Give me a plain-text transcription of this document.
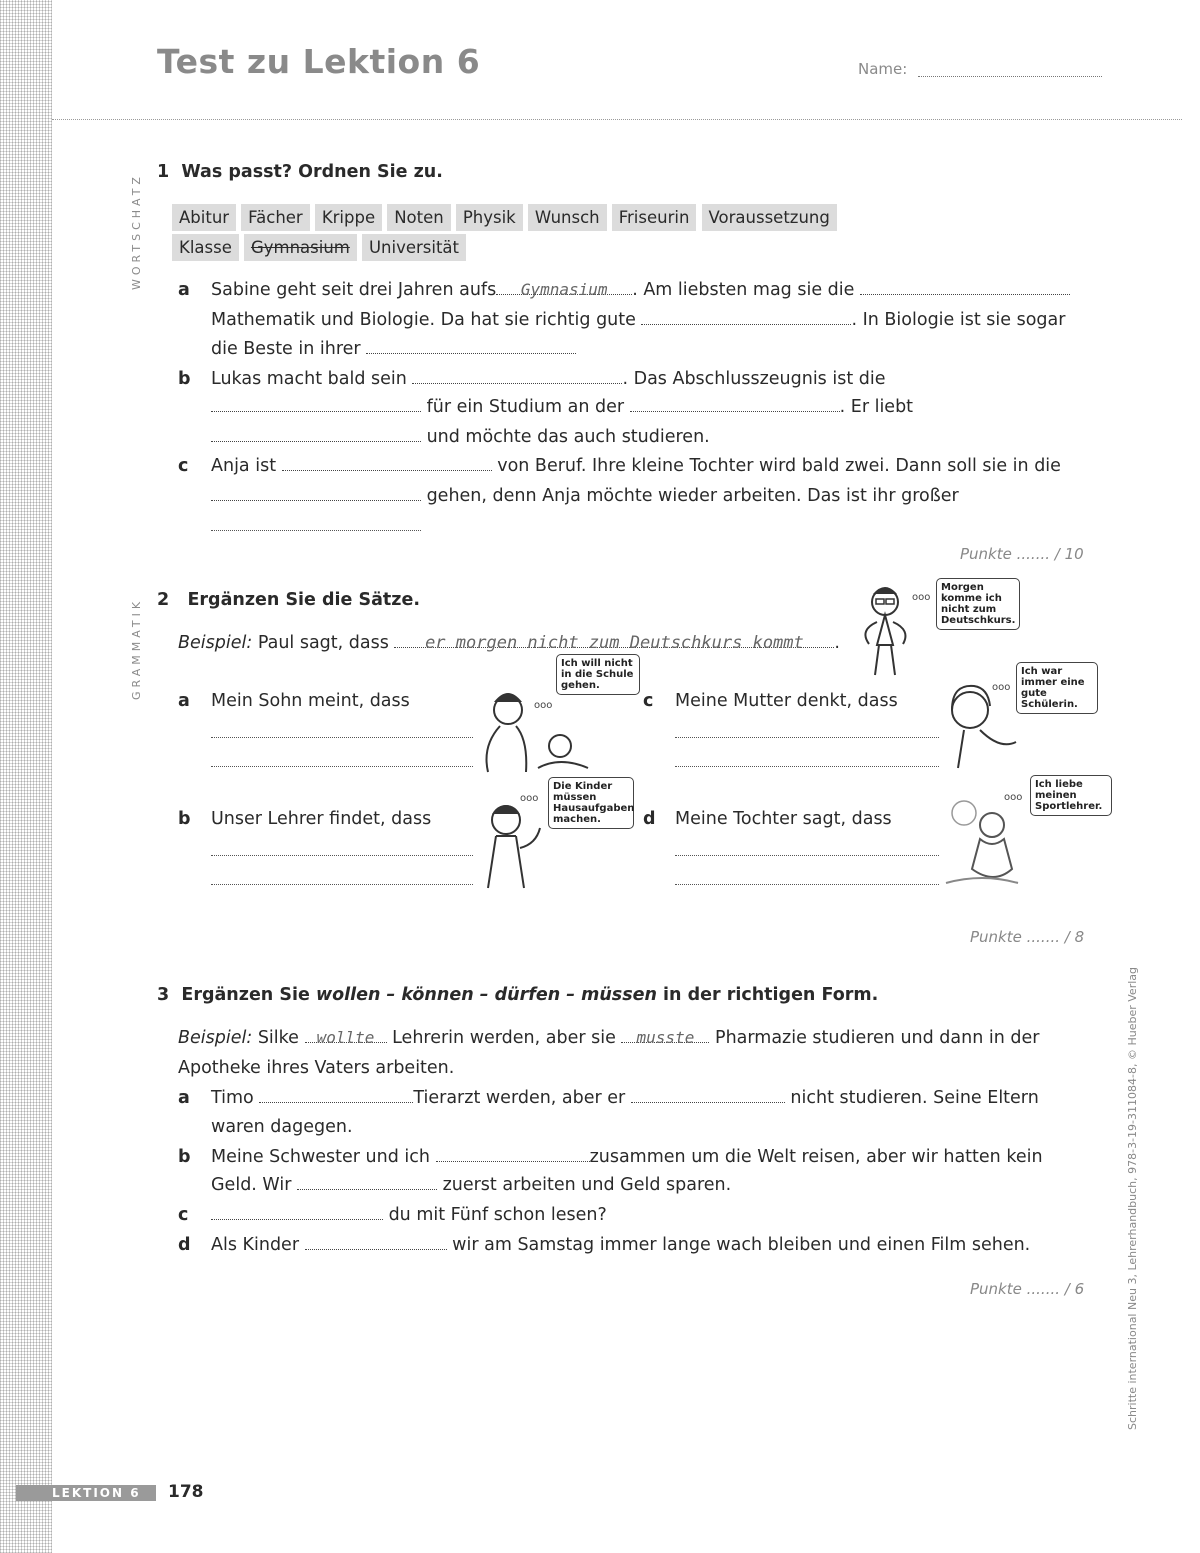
Test zu Lektion 6	Name:
WORTSCHATZ
GRAMMATIK
1 Was passt? Ordnen Sie zu.
Abitur Fächer Krippe Noten Physik Wunsch Friseurin Voraussetzung
Klasse Gymnasium Universität
a Sabine geht seit drei Jahren aufs Gymnasium . Am liebsten mag sie die
Mathematik und Biologie. Da hat sie richtig gute	. In Biologie ist sie sogar
die Beste in ihrer
b Lukas macht bald sein	. Das Abschlusszeugnis ist die
für ein Studium an der	. Er liebt
und möchte das auch studieren.
c Anja ist	von Beruf. Ihre kleine Tochter wird bald zwei. Dann soll sie in die
gehen, denn Anja möchte wieder arbeiten. Das ist ihr großer
Punkte ....... / 10
2 Ergänzen Sie die Sätze.
Beispiel: Paul sagt, dass er morgen nicht zum Deutschkurs kommt .
ooo
Morgen komme ich nicht zum Deutschkurs.
a Mein Sohn meint, dass	ooo
Ich will nicht in die Schule gehen.
b Unser Lehrer findet, dass
ooo
Die Kinder müssen Hausaufgaben machen.
c Meine Mutter denkt, dass
ooo
Ich war immer eine gute Schülerin.
d Meine Tochter sagt, dass
ooo
Ich liebe meinen Sportlehrer.
Punkte ....... / 8
3 Ergänzen Sie wollen – können – dürfen – müssen in der richtigen Form.
Beispiel: Silke wollte Lehrerin werden, aber sie musste Pharmazie studieren und dann in der
Apotheke ihres Vaters arbeiten.
a Timo	Tierarzt werden, aber er	nicht studieren. Seine Eltern
waren dagegen.
b Meine Schwester und ich	zusammen um die Welt reisen, aber wir hatten kein
Geld. Wir	zuerst arbeiten und Geld sparen.
c	du mit Fünf schon lesen?
d Als Kinder	wir am Samstag immer lange wach bleiben und einen Film sehen.
Punkte ....... / 6	Schritte international Neu 3, Lehrerhandbuch, 978-3-19-311084-8, © Hueber Verlag
LEKTION 6	178
